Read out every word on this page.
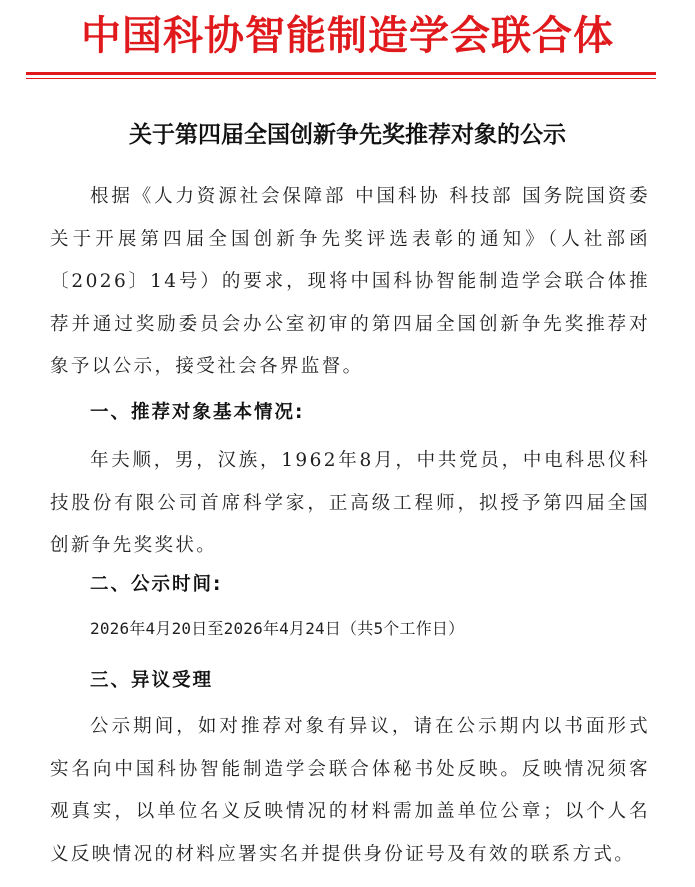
中国科协智能制造学会联合体
关于第四届全国创新争先奖推荐对象的公示
根据《人力资源社会保障部 中国科协 科技部 国务院国资委关于开展第四届全国创新争先奖评选表彰的通知》（人社部函〔2026〕14号）的要求，现将中国科协智能制造学会联合体推荐并通过奖励委员会办公室初审的第四届全国创新争先奖推荐对象予以公示，接受社会各界监督。
一、推荐对象基本情况:
年夫顺，男，汉族，1962年8月，中共党员，中电科思仪科技股份有限公司首席科学家，正高级工程师，拟授予第四届全国创新争先奖奖状。
二、公示时间:
2026年4月20日至2026年4月24日（共5个工作日）
三、异议受理
公示期间，如对推荐对象有异议，请在公示期内以书面形式实名向中国科协智能制造学会联合体秘书处反映。反映情况须客观真实，以单位名义反映情况的材料需加盖单位公章；以个人名义反映情况的材料应署实名并提供身份证号及有效的联系方式。
